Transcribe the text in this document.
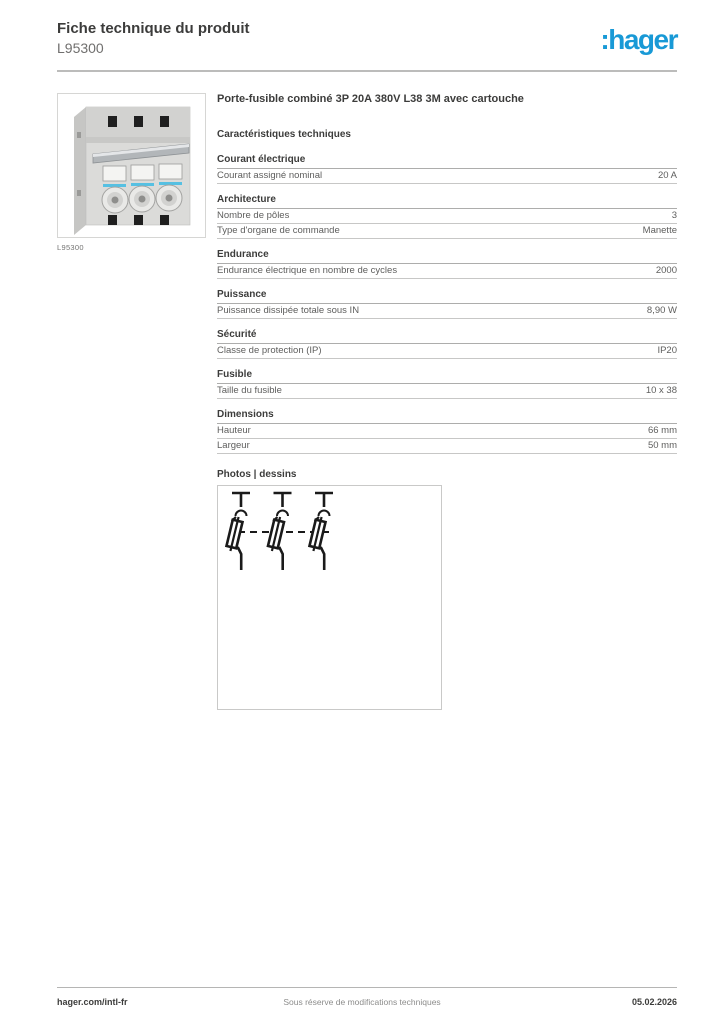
Fiche technique du produit
L95300	:hager
L95300
Porte-fusible combiné 3P 20A 380V L38 3M avec cartouche
Caractéristiques techniques
Courant électrique
Courant assigné nominal	20 A
Architecture
Nombre de pôles	3
Type d'organe de commande	Manette
Endurance
Endurance électrique en nombre de cycles	2000
Puissance
Puissance dissipée totale sous IN	8,90 W
Sécurité
Classe de protection (IP)	IP20
Fusible
Taille du fusible	10 x 38
Dimensions
Hauteur	66 mm
Largeur	50 mm
Photos | dessins
hager.com/intl-fr	Sous réserve de modifications techniques	05.02.2026
